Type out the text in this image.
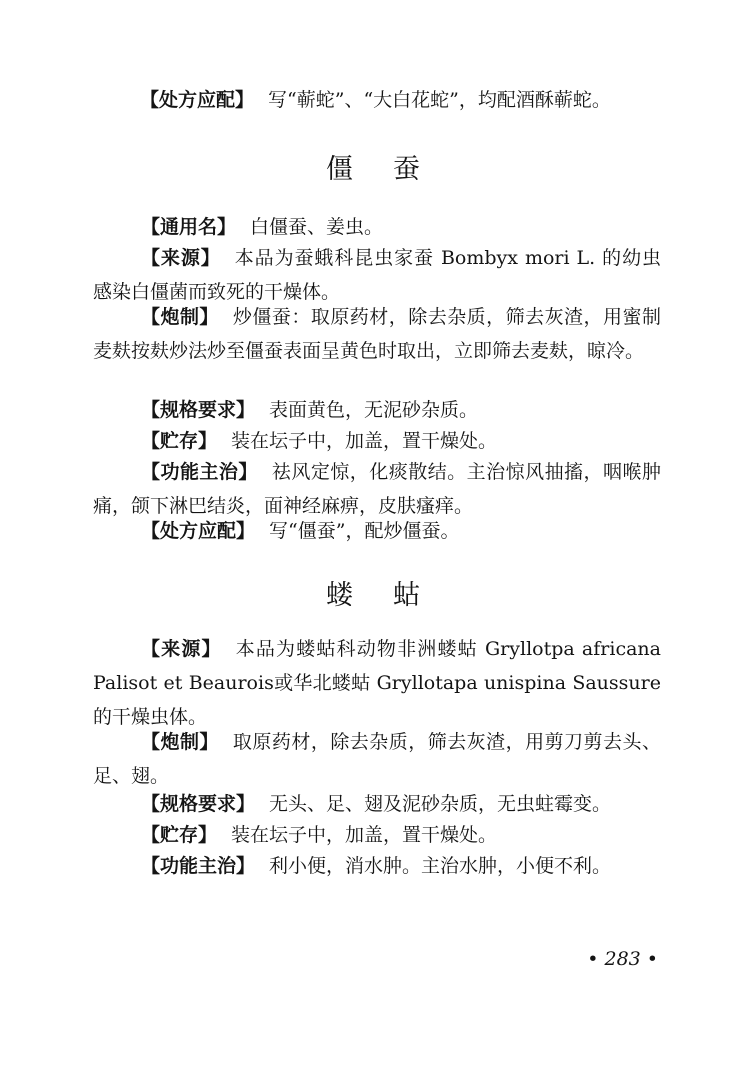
【处方应配】 写“蕲蛇”、“大白花蛇”，均配酒酥蕲蛇。
僵蚕
【通用名】 白僵蚕、姜虫。
【来源】 本品为蚕蛾科昆虫家蚕 Bombyx mori L. 的幼虫感染白僵菌而致死的干燥体。
【炮制】 炒僵蚕：取原药材，除去杂质，筛去灰渣，用蜜制麦麸按麸炒法炒至僵蚕表面呈黄色时取出，立即筛去麦麸，晾冷。
【规格要求】 表面黄色，无泥砂杂质。
【贮存】 装在坛子中，加盖，置干燥处。
【功能主治】 祛风定惊，化痰散结。主治惊风抽搐，咽喉肿痛，颌下淋巴结炎，面神经麻痹，皮肤瘙痒。
【处方应配】 写“僵蚕”，配炒僵蚕。
蝼蛄
【来源】 本品为蝼蛄科动物非洲蝼蛄 Gryllotpa africana Palisot et Beaurois或华北蝼蛄 Gryllotapa unispina Saussure的干燥虫体。
【炮制】 取原药材，除去杂质，筛去灰渣，用剪刀剪去头、足、翅。
【规格要求】 无头、足、翅及泥砂杂质，无虫蛀霉变。
【贮存】 装在坛子中，加盖，置干燥处。
【功能主治】 利小便，消水肿。主治水肿，小便不利。
• 283 •
